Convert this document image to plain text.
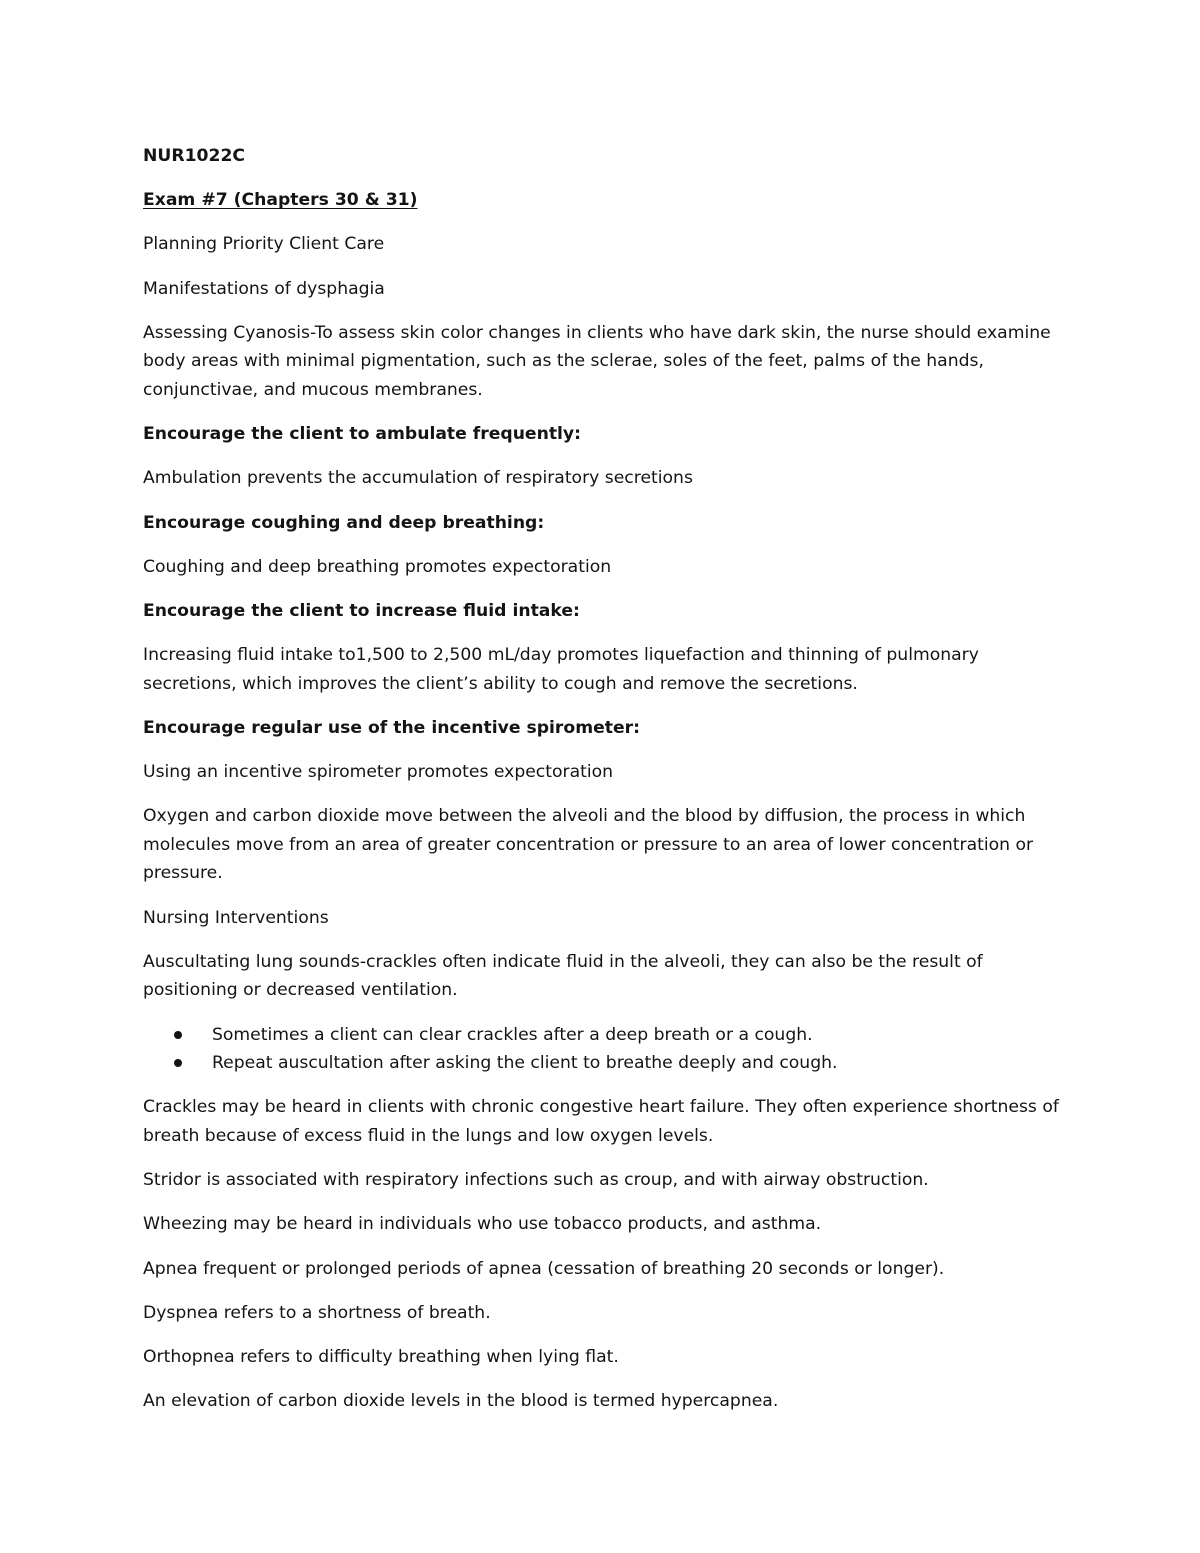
NUR1022C

Exam #7 (Chapters 30 & 31)

Planning Priority Client Care

Manifestations of dysphagia

Assessing Cyanosis-To assess skin color changes in clients who have dark skin, the nurse should examine body areas with minimal pigmentation, such as the sclerae, soles of the feet, palms of the hands, conjunctivae, and mucous membranes.

Encourage the client to ambulate frequently:

Ambulation prevents the accumulation of respiratory secretions

Encourage coughing and deep breathing:

Coughing and deep breathing promotes expectoration

Encourage the client to increase fluid intake:

Increasing fluid intake to1,500 to 2,500 mL/day promotes liquefaction and thinning of pulmonary secretions, which improves the client’s ability to cough and remove the secretions.

Encourage regular use of the incentive spirometer:

Using an incentive spirometer promotes expectoration

Oxygen and carbon dioxide move between the alveoli and the blood by diffusion, the process in which molecules move from an area of greater concentration or pressure to an area of lower concentration or pressure.

Nursing Interventions

Auscultating lung sounds-crackles often indicate fluid in the alveoli, they can also be the result of positioning or decreased ventilation.

Sometimes a client can clear crackles after a deep breath or a cough.
Repeat auscultation after asking the client to breathe deeply and cough.

Crackles may be heard in clients with chronic congestive heart failure. They often experience shortness of breath because of excess fluid in the lungs and low oxygen levels.

Stridor is associated with respiratory infections such as croup, and with airway obstruction.

Wheezing may be heard in individuals who use tobacco products, and asthma.

Apnea frequent or prolonged periods of apnea (cessation of breathing 20 seconds or longer).

Dyspnea refers to a shortness of breath.

Orthopnea refers to difficulty breathing when lying flat.

An elevation of carbon dioxide levels in the blood is termed hypercapnea.
